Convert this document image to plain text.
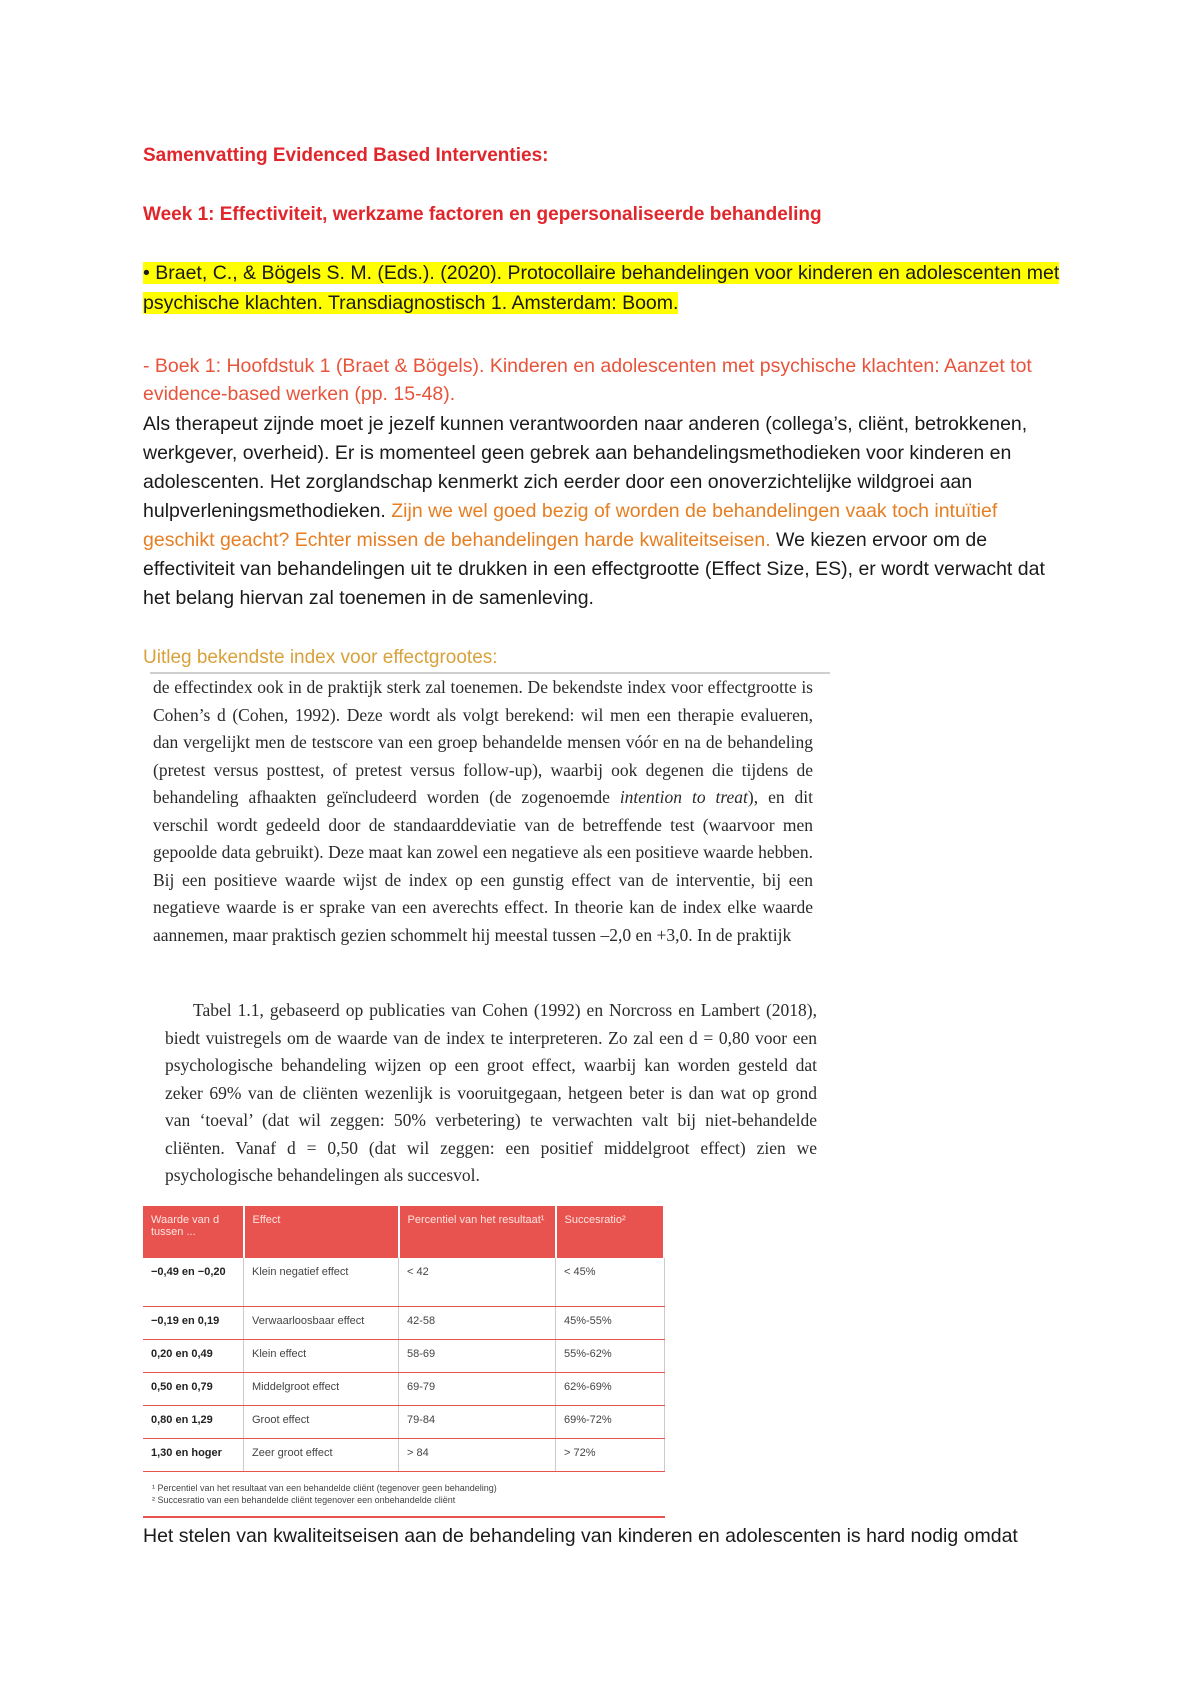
Samenvatting Evidenced Based Interventies:
Week 1: Effectiviteit, werkzame factoren en gepersonaliseerde behandeling
• Braet, C., & Bögels S. M. (Eds.). (2020). Protocollaire behandelingen voor kinderen en adolescenten met psychische klachten. Transdiagnostisch 1. Amsterdam: Boom.
- Boek 1: Hoofdstuk 1 (Braet & Bögels). Kinderen en adolescenten met psychische klachten: Aanzet tot evidence-based werken (pp. 15-48).
Als therapeut zijnde moet je jezelf kunnen verantwoorden naar anderen (collega’s, cliënt, betrokkenen, werkgever, overheid). Er is momenteel geen gebrek aan behandelingsmethodieken voor kinderen en adolescenten. Het zorglandschap kenmerkt zich eerder door een onoverzichtelijke wildgroei aan hulpverleningsmethodieken. Zijn we wel goed bezig of worden de behandelingen vaak toch intuïtief geschikt geacht? Echter missen de behandelingen harde kwaliteitseisen. We kiezen ervoor om de effectiviteit van behandelingen uit te drukken in een effectgrootte (Effect Size, ES), er wordt verwacht dat het belang hiervan zal toenemen in de samenleving.
Uitleg bekendste index voor effectgrootes:
de effectindex ook in de praktijk sterk zal toenemen. De bekendste index voor effectgrootte is Cohen’s d (Cohen, 1992). Deze wordt als volgt berekend: wil men een therapie evalueren, dan vergelijkt men de testscore van een groep behandelde mensen vóór en na de behandeling (pretest versus posttest, of pretest versus follow-up), waarbij ook degenen die tijdens de behandeling afhaakten geïncludeerd worden (de zogenoemde intention to treat), en dit verschil wordt gedeeld door de standaarddeviatie van de betreffende test (waarvoor men gepoolde data gebruikt). Deze maat kan zowel een negatieve als een positieve waarde hebben. Bij een positieve waarde wijst de index op een gunstig effect van de interventie, bij een negatieve waarde is er sprake van een averechts effect. In theorie kan de index elke waarde aannemen, maar praktisch gezien schommelt hij meestal tussen –2,0 en +3,0. In de praktijk
Tabel 1.1, gebaseerd op publicaties van Cohen (1992) en Norcross en Lambert (2018), biedt vuistregels om de waarde van de index te interpreteren. Zo zal een d = 0,80 voor een psychologische behandeling wijzen op een groot effect, waarbij kan worden gesteld dat zeker 69% van de cliënten wezenlijk is vooruitgegaan, hetgeen beter is dan wat op grond van ‘toeval’ (dat wil zeggen: 50% verbetering) te verwachten valt bij niet-behandelde cliënten. Vanaf d = 0,50 (dat wil zeggen: een positief middelgroot effect) zien we psychologische behandelingen als succesvol.
Waarde van d tussen ...	Effect	Percentiel van het resultaat¹	Succesratio²
−0,49 en −0,20	Klein negatief effect	< 42	< 45%
−0,19 en 0,19	Verwaarloosbaar effect	42-58	45%-55%
0,20 en 0,49	Klein effect	58-69	55%-62%
0,50 en 0,79	Middelgroot effect	69-79	62%-69%
0,80 en 1,29	Groot effect	79-84	69%-72%
1,30 en hoger	Zeer groot effect	> 84	> 72%
¹ Percentiel van het resultaat van een behandelde cliënt (tegenover geen behandeling)
² Succesratio van een behandelde cliënt tegenover een onbehandelde cliënt
Het stelen van kwaliteitseisen aan de behandeling van kinderen en adolescenten is hard nodig omdat
